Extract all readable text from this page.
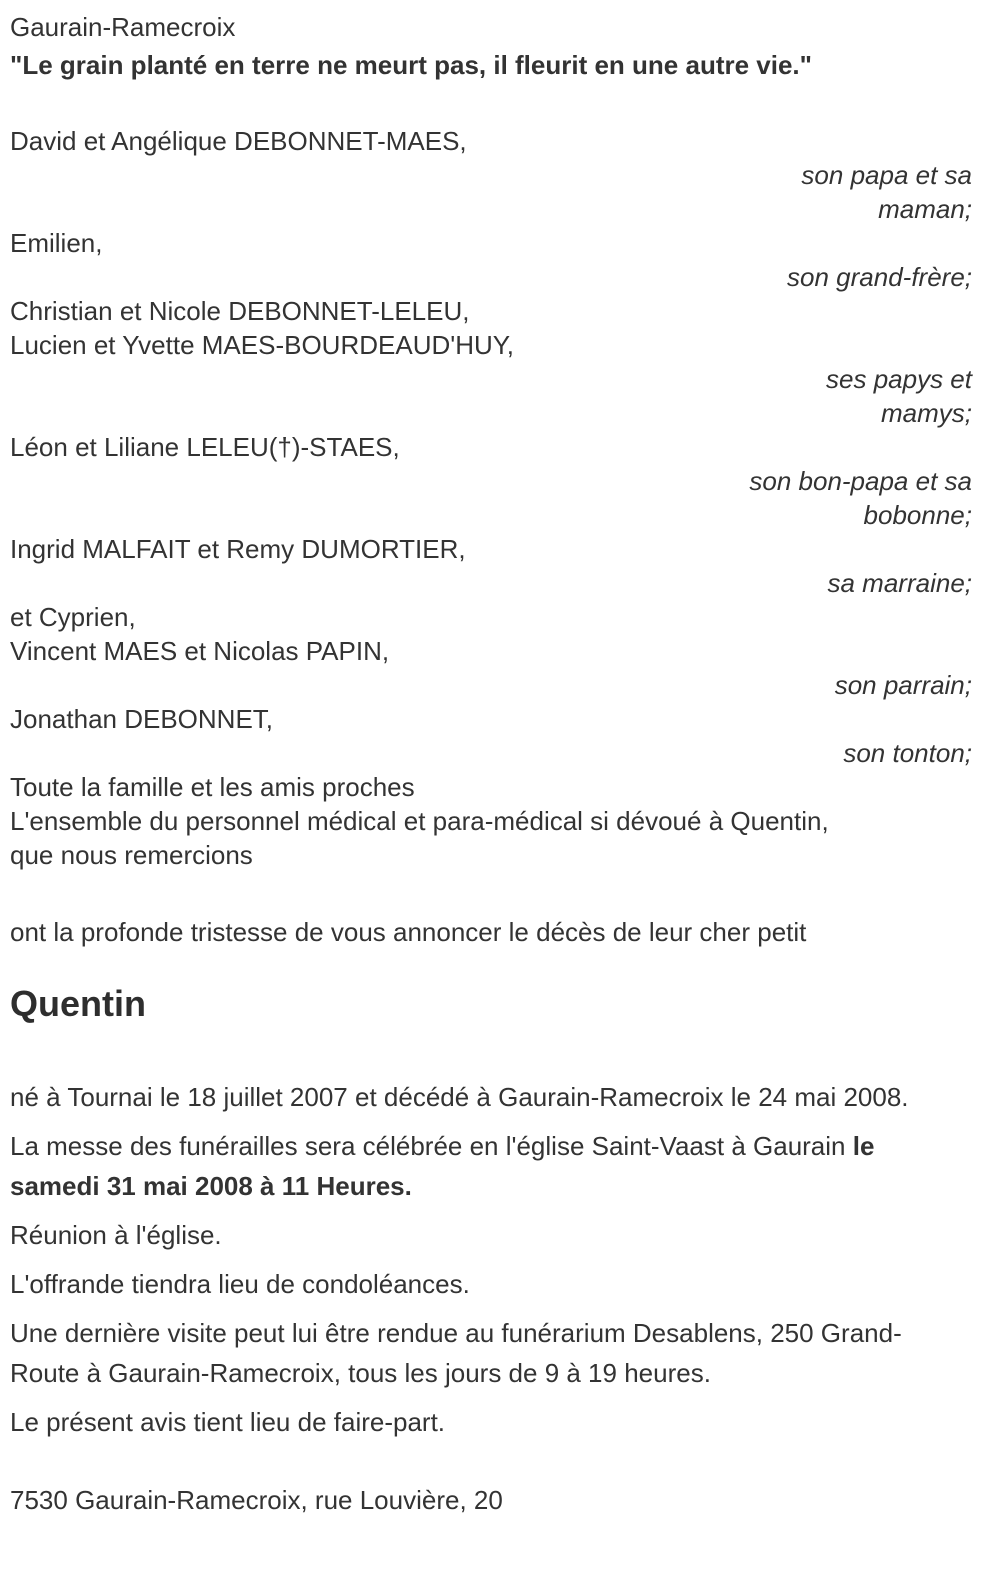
Gaurain-Ramecroix
"Le grain planté en terre ne meurt pas, il fleurit en une autre vie."
David et Angélique DEBONNET-MAES,
son papa et sa
maman;
Emilien,
son grand-frère;
Christian et Nicole DEBONNET-LELEU,
Lucien et Yvette MAES-BOURDEAUD'HUY,
ses papys et
mamys;
Léon et Liliane LELEU(†)-STAES,
son bon-papa et sa
bobonne;
Ingrid MALFAIT et Remy DUMORTIER,
sa marraine;
et Cyprien,
Vincent MAES et Nicolas PAPIN,
son parrain;
Jonathan DEBONNET,
son tonton;
Toute la famille et les amis proches
L'ensemble du personnel médical et para-médical si dévoué à Quentin,
que nous remercions
ont la profonde tristesse de vous annoncer le décès de leur cher petit
Quentin

né à Tournai le 18 juillet 2007 et décédé à Gaurain-Ramecroix le 24 mai 2008.

La messe des funérailles sera célébrée en l'église Saint-Vaast à Gaurain le samedi 31 mai 2008 à 11 Heures.

Réunion à l'église.

L'offrande tiendra lieu de condoléances.

Une dernière visite peut lui être rendue au funérarium Desablens, 250 Grand-Route à Gaurain-Ramecroix, tous les jours de 9 à 19 heures.

Le présent avis tient lieu de faire-part.

7530 Gaurain-Ramecroix, rue Louvière, 20
